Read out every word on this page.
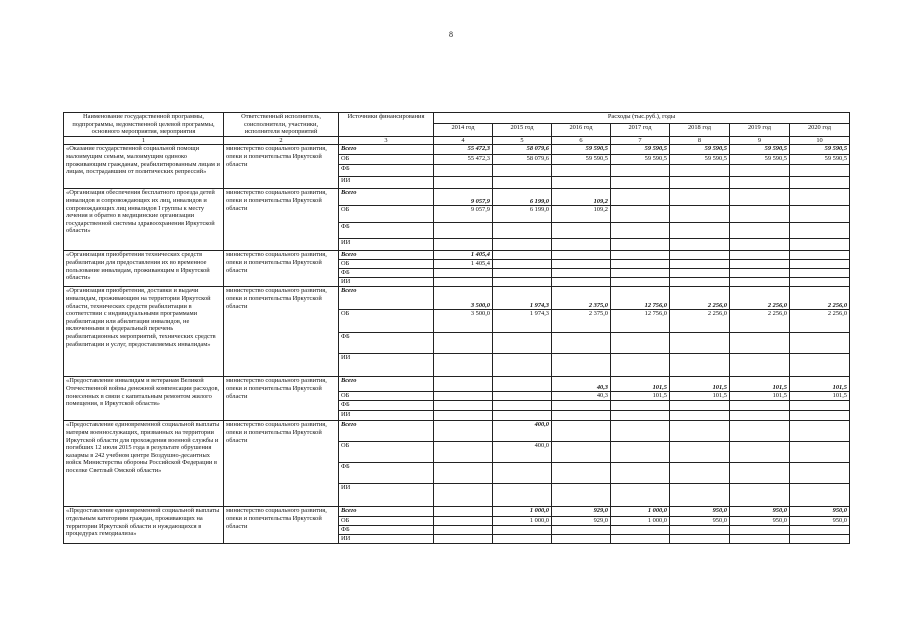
8
Наименование государственной программы, подпрограммы, ведомственной целевой программы, основного мероприятия, мероприятия	Ответственный исполнитель, соисполнители, участники, исполнители мероприятий	Источники финансирования	Расходы (тыс.руб.), годы						
			2014 год	2015 год	2016 год	2017 год	2018 год	2019 год	2020 год
1	2	3	4	5	6	7	8	9	10
«Оказание государственной социальной помощи малоимущим семьям, малоимущим одиноко проживающим гражданам, реабилитированным лицам и лицам, пострадавшим от политических репрессий»	министерство социального развития, опеки и попечительства Иркутской области	Всего	55 472,3	58 079,6	59 590,5	59 590,5	59 590,5	59 590,5	59 590,5
		ОБ	55 472,3	58 079,6	59 590,5	59 590,5	59 590,5	59 590,5	59 590,5
		ФБ							
		ИИ							
«Организация обеспечения бесплатного проезда детей инвалидов и сопровождающих их лиц, инвалидов и сопровождающих лиц инвалидов I группы к месту лечения и обратно в медицинские организации государственной системы здравоохранения Иркутской области»	министерство социального развития, опеки и попечительства Иркутской области	Всего	9 057,9	6 199,0	109,2				
		ОБ	9 057,9	6 199,0	109,2				
		ФБ							
		ИИ							
«Организация приобретения технических средств реабилитации для предоставления их во временное пользование инвалидам, проживающим в Иркутской области»	министерство социального развития, опеки и попечительства Иркутской области	Всего	1 405,4						
		ОБ	1 405,4						
		ФБ							
		ИИ							
«Организация приобретения, доставки и выдачи инвалидам, проживающим на территории Иркутской области, технических средств реабилитации в соответствии с индивидуальными программами реабилитации или абилитации инвалидов, не включенными в федеральный перечень реабилитационных мероприятий, технических средств реабилитации и услуг, предоставляемых инвалидам»	министерство социального развития, опеки и попечительства Иркутской области	Всего	3 500,0	1 974,3	2 375,0	12 756,0	2 256,0	2 256,0	2 256,0
		ОБ	3 500,0	1 974,3	2 375,0	12 756,0	2 256,0	2 256,0	2 256,0
		ФБ							
		ИИ							
«Предоставление инвалидам и ветеранам Великой Отечественной войны денежной компенсации расходов, понесенных в связи с капитальным ремонтом жилого помещения, в Иркутской области»	министерство социального развития, опеки и попечительства Иркутской области	Всего			40,3	101,5	101,5	101,5	101,5
		ОБ			40,3	101,5	101,5	101,5	101,5
		ФБ							
		ИИ							
«Предоставление единовременной социальной выплаты матерям военнослужащих, призванных на территории Иркутской области для прохождения военной службы и погибших 12 июля 2015 года в результате обрушения казармы в 242 учебном центре Воздушно-десантных войск Министерства обороны Российской Федерации в поселке Светлый Омской области»	министерство социального развития, опеки и попечительства Иркутской области	Всего		400,0					
		ОБ		400,0					
		ФБ							
		ИИ							
«Предоставление единовременной социальной выплаты отдельным категориям граждан, проживающих на территории Иркутской области и нуждающихся в процедурах гемодиализа»	министерство социального развития, опеки и попечительства Иркутской области	Всего		1 000,0	929,0	1 000,0	950,0	950,0	950,0
		ОБ		1 000,0	929,0	1 000,0	950,0	950,0	950,0
		ФБ							
		ИИ							
